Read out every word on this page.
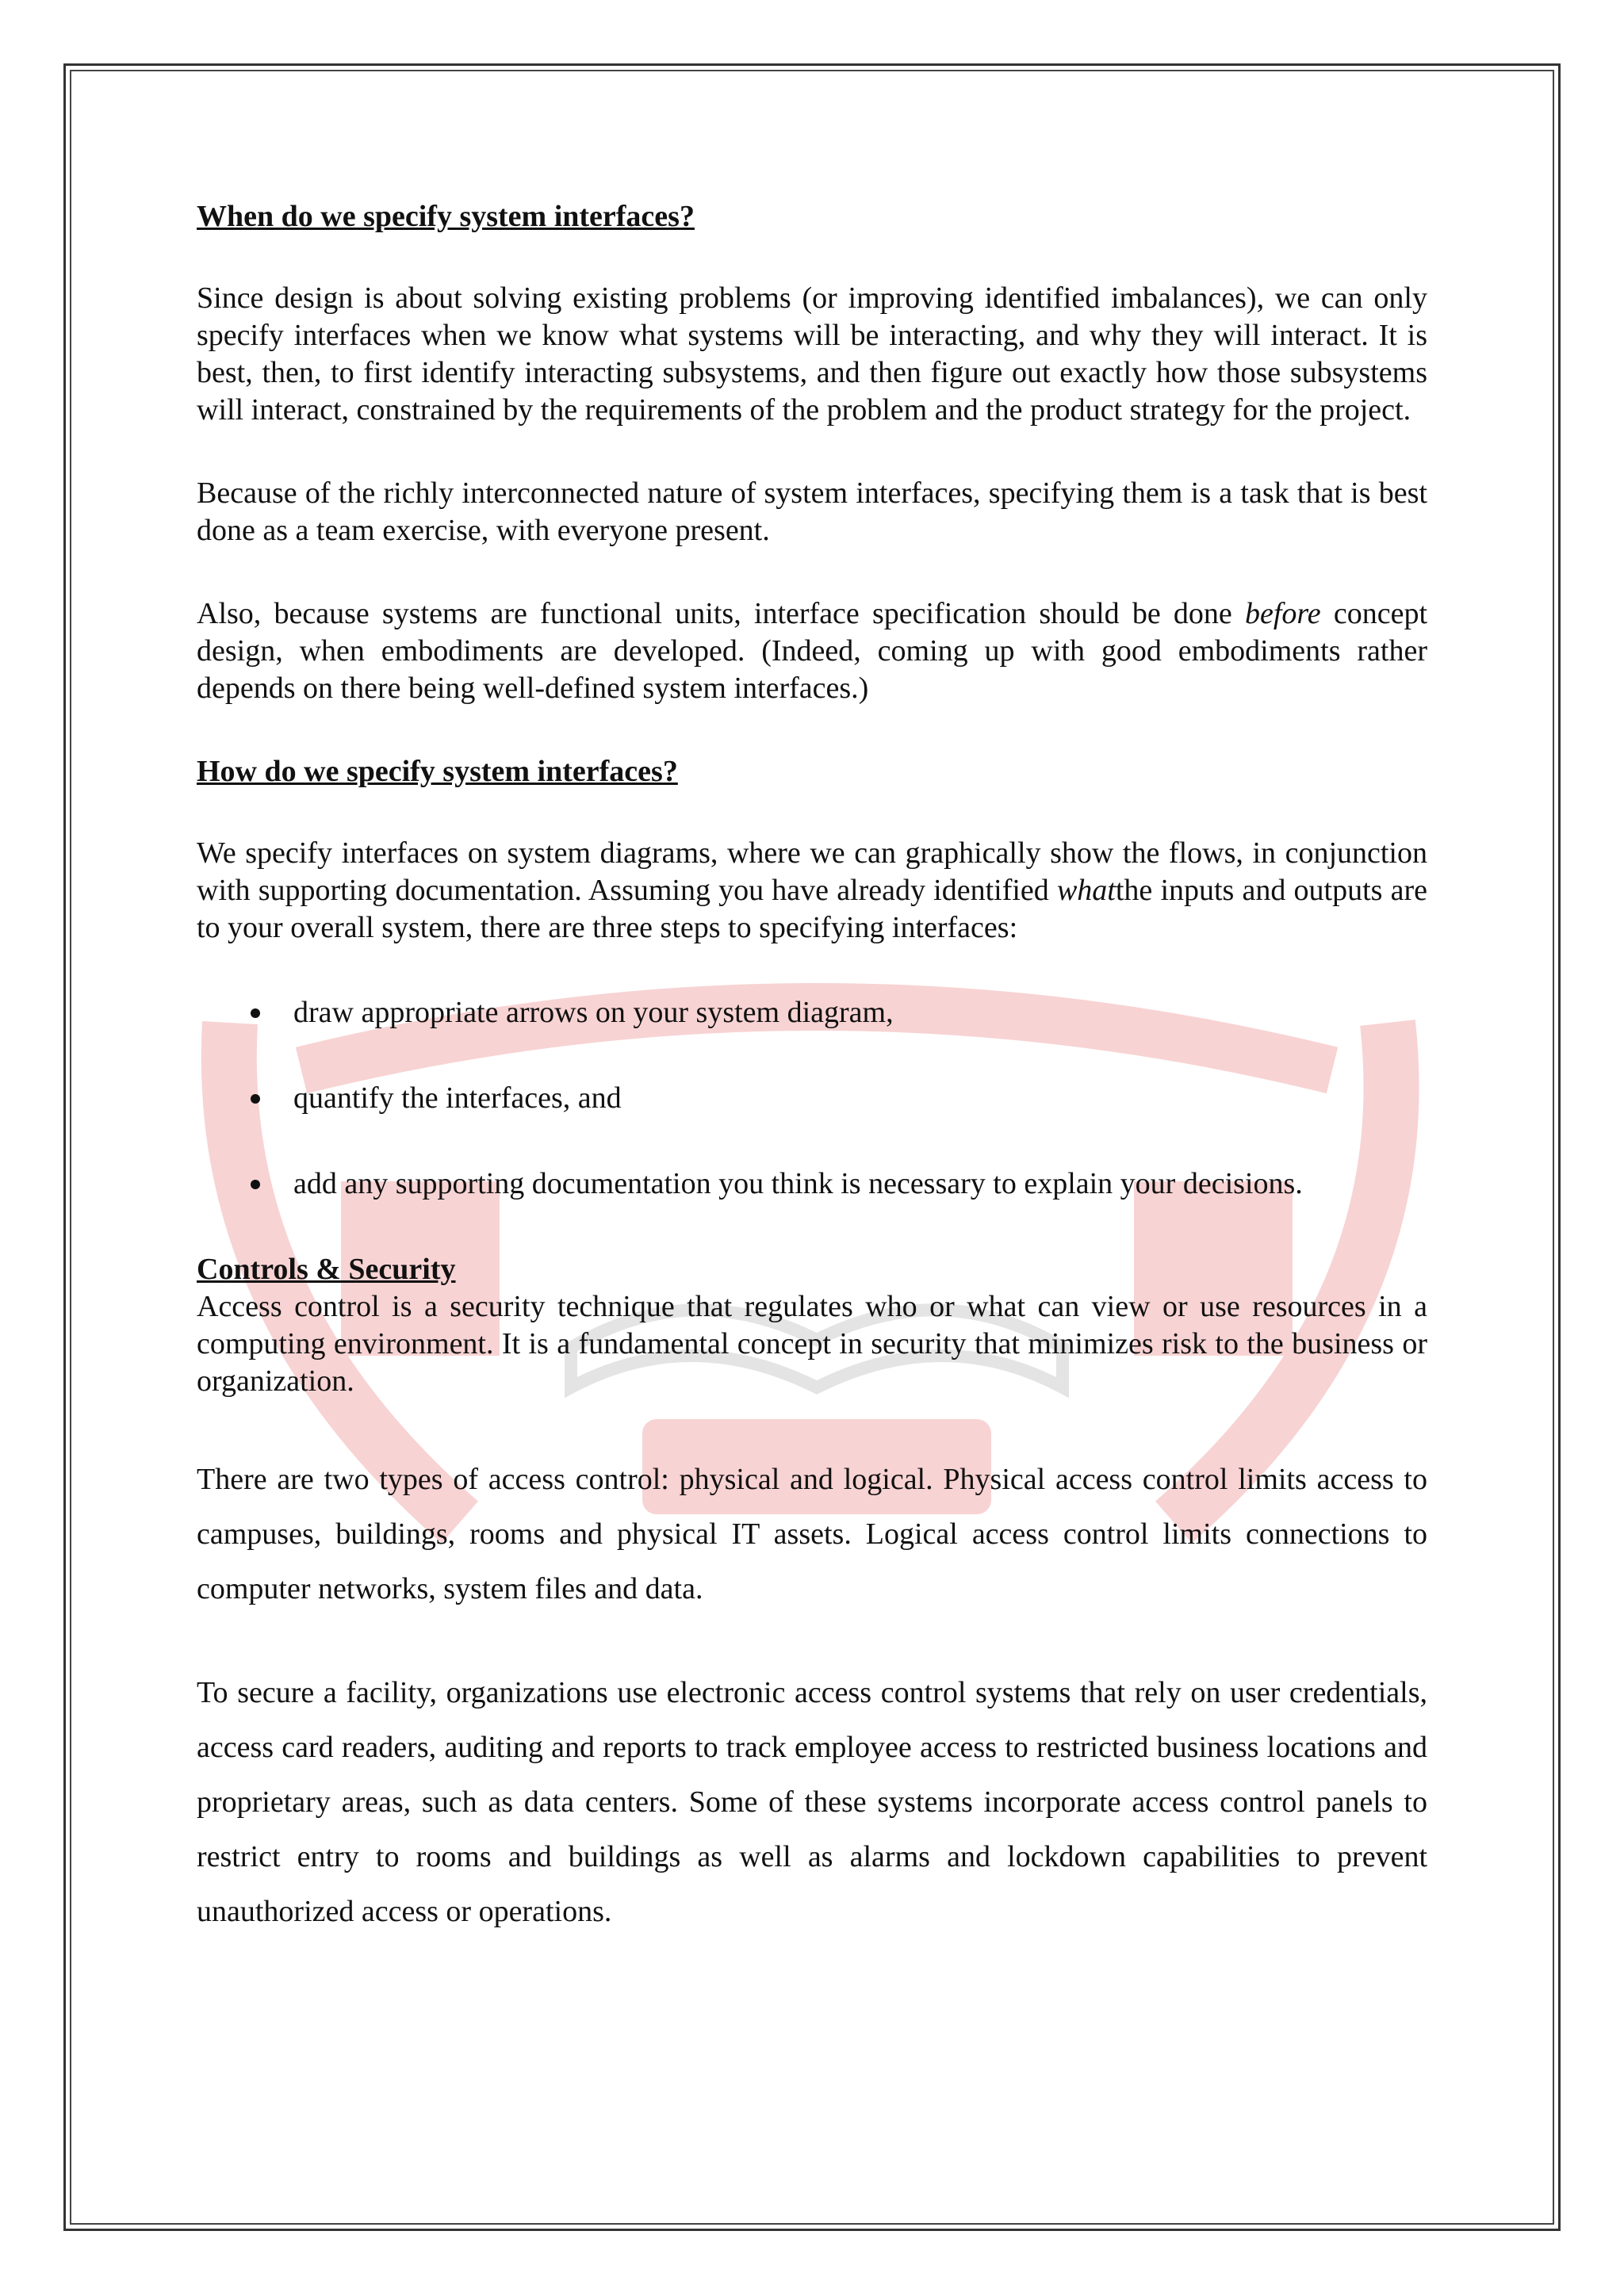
When do we specify system interfaces?

Since design is about solving existing problems (or improving identified imbalances), we can only specify interfaces when we know what systems will be interacting, and why they will interact. It is best, then, to first identify interacting subsystems, and then figure out exactly how those subsystems will interact, constrained by the requirements of the problem and the product strategy for the project.

Because of the richly interconnected nature of system interfaces, specifying them is a task that is best done as a team exercise, with everyone present.

Also, because systems are functional units, interface specification should be done before concept design, when embodiments are developed. (Indeed, coming up with good embodiments rather depends on there being well-defined system interfaces.)

How do we specify system interfaces?

We specify interfaces on system diagrams, where we can graphically show the flows, in conjunction with supporting documentation. Assuming you have already identified whatthe inputs and outputs are to your overall system, there are three steps to specifying interfaces:

draw appropriate arrows on your system diagram,
quantify the interfaces, and
add any supporting documentation you think is necessary to explain your decisions.
Controls & Security

Access control is a security technique that regulates who or what can view or use resources in a computing environment. It is a fundamental concept in security that minimizes risk to the business or organization.

There are two types of access control: physical and logical. Physical access control limits access to campuses, buildings, rooms and physical IT assets. Logical access control limits connections to computer networks, system files and data.

To secure a facility, organizations use electronic access control systems that rely on user credentials, access card readers, auditing and reports to track employee access to restricted business locations and proprietary areas, such as data centers. Some of these systems incorporate access control panels to restrict entry to rooms and buildings as well as alarms and lockdown capabilities to prevent unauthorized access or operations.
